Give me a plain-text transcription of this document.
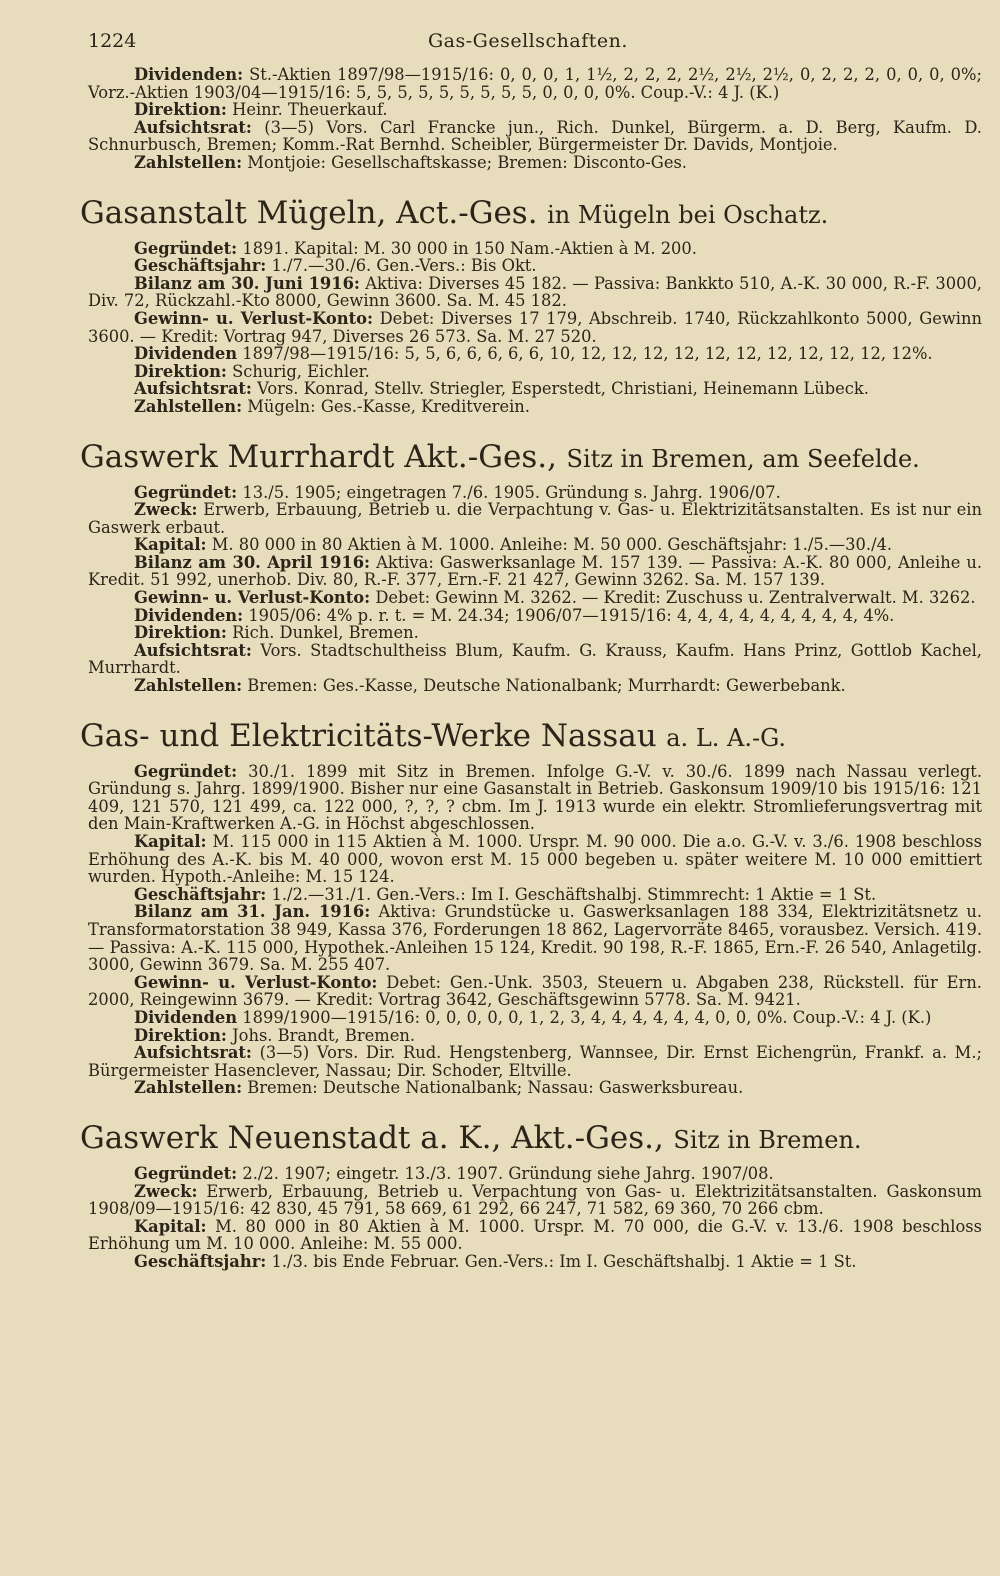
1224	Gas-Gesellschaften.

Dividenden: St.-Aktien 1897/98—1915/16: 0, 0, 0, 1, 1½, 2, 2, 2, 2½, 2½, 2½, 0, 2, 2, 2, 0, 0, 0, 0%; Vorz.-Aktien 1903/04—1915/16: 5, 5, 5, 5, 5, 5, 5, 5, 5, 0, 0, 0, 0%. Coup.-V.: 4 J. (K.)

Direktion: Heinr. Theuerkauf.

Aufsichtsrat: (3—5) Vors. Carl Francke jun., Rich. Dunkel, Bürgerm. a. D. Berg, Kaufm. D. Schnurbusch, Bremen; Komm.-Rat Bernhd. Scheibler, Bürgermeister Dr. Davids, Montjoie.

Zahlstellen: Montjoie: Gesellschaftskasse; Bremen: Disconto-Ges.

Gasanstalt Mügeln, Act.-Ges. in Mügeln bei Oschatz.

Gegründet: 1891. Kapital: M. 30 000 in 150 Nam.-Aktien à M. 200.

Geschäftsjahr: 1./7.—30./6. Gen.-Vers.: Bis Okt.

Bilanz am 30. Juni 1916: Aktiva: Diverses 45 182. — Passiva: Bankkto 510, A.-K. 30 000, R.-F. 3000, Div. 72, Rückzahl.-Kto 8000, Gewinn 3600. Sa. M. 45 182.

Gewinn- u. Verlust-Konto: Debet: Diverses 17 179, Abschreib. 1740, Rückzahlkonto 5000, Gewinn 3600. — Kredit: Vortrag 947, Diverses 26 573. Sa. M. 27 520.

Dividenden 1897/98—1915/16: 5, 5, 6, 6, 6, 6, 6, 10, 12, 12, 12, 12, 12, 12, 12, 12, 12, 12, 12%.

Direktion: Schurig, Eichler.

Aufsichtsrat: Vors. Konrad, Stellv. Striegler, Esperstedt, Christiani, Heinemann Lübeck.

Zahlstellen: Mügeln: Ges.-Kasse, Kreditverein.

Gaswerk Murrhardt Akt.-Ges., Sitz in Bremen, am Seefelde.

Gegründet: 13./5. 1905; eingetragen 7./6. 1905. Gründung s. Jahrg. 1906/07.

Zweck: Erwerb, Erbauung, Betrieb u. die Verpachtung v. Gas- u. Elektrizitätsanstalten. Es ist nur ein Gaswerk erbaut.

Kapital: M. 80 000 in 80 Aktien à M. 1000. Anleihe: M. 50 000. Geschäftsjahr: 1./5.—30./4.

Bilanz am 30. April 1916: Aktiva: Gaswerksanlage M. 157 139. — Passiva: A.-K. 80 000, Anleihe u. Kredit. 51 992, unerhob. Div. 80, R.-F. 377, Ern.-F. 21 427, Gewinn 3262. Sa. M. 157 139.

Gewinn- u. Verlust-Konto: Debet: Gewinn M. 3262. — Kredit: Zuschuss u. Zentralverwalt. M. 3262.

Dividenden: 1905/06: 4% p. r. t. = M. 24.34; 1906/07—1915/16: 4, 4, 4, 4, 4, 4, 4, 4, 4, 4%.

Direktion: Rich. Dunkel, Bremen.

Aufsichtsrat: Vors. Stadtschultheiss Blum, Kaufm. G. Krauss, Kaufm. Hans Prinz, Gottlob Kachel, Murrhardt.

Zahlstellen: Bremen: Ges.-Kasse, Deutsche Nationalbank; Murrhardt: Gewerbebank.

Gas- und Elektricitäts-Werke Nassau a. L. A.-G.

Gegründet: 30./1. 1899 mit Sitz in Bremen. Infolge G.-V. v. 30./6. 1899 nach Nassau verlegt. Gründung s. Jahrg. 1899/1900. Bisher nur eine Gasanstalt in Betrieb. Gaskonsum 1909/10 bis 1915/16: 121 409, 121 570, 121 499, ca. 122 000, ?, ?, ? cbm. Im J. 1913 wurde ein elektr. Stromlieferungsvertrag mit den Main-Kraftwerken A.-G. in Höchst abgeschlossen.

Kapital: M. 115 000 in 115 Aktien à M. 1000. Urspr. M. 90 000. Die a.o. G.-V. v. 3./6. 1908 beschloss Erhöhung des A.-K. bis M. 40 000, wovon erst M. 15 000 begeben u. später weitere M. 10 000 emittiert wurden. Hypoth.-Anleihe: M. 15 124.

Geschäftsjahr: 1./2.—31./1. Gen.-Vers.: Im I. Geschäftshalbj. Stimmrecht: 1 Aktie = 1 St.

Bilanz am 31. Jan. 1916: Aktiva: Grundstücke u. Gaswerksanlagen 188 334, Elektrizitätsnetz u. Transformatorstation 38 949, Kassa 376, Forderungen 18 862, Lagervorräte 8465, vorausbez. Versich. 419. — Passiva: A.-K. 115 000, Hypothek.-Anleihen 15 124, Kredit. 90 198, R.-F. 1865, Ern.-F. 26 540, Anlagetilg. 3000, Gewinn 3679. Sa. M. 255 407.

Gewinn- u. Verlust-Konto: Debet: Gen.-Unk. 3503, Steuern u. Abgaben 238, Rückstell. für Ern. 2000, Reingewinn 3679. — Kredit: Vortrag 3642, Geschäftsgewinn 5778. Sa. M. 9421.

Dividenden 1899/1900—1915/16: 0, 0, 0, 0, 0, 1, 2, 3, 4, 4, 4, 4, 4, 4, 0, 0, 0%. Coup.-V.: 4 J. (K.)

Direktion: Johs. Brandt, Bremen.

Aufsichtsrat: (3—5) Vors. Dir. Rud. Hengstenberg, Wannsee, Dir. Ernst Eichengrün, Frankf. a. M.; Bürgermeister Hasenclever, Nassau; Dir. Schoder, Eltville.

Zahlstellen: Bremen: Deutsche Nationalbank; Nassau: Gaswerksbureau.

Gaswerk Neuenstadt a. K., Akt.-Ges., Sitz in Bremen.

Gegründet: 2./2. 1907; eingetr. 13./3. 1907. Gründung siehe Jahrg. 1907/08.

Zweck: Erwerb, Erbauung, Betrieb u. Verpachtung von Gas- u. Elektrizitätsanstalten. Gaskonsum 1908/09—1915/16: 42 830, 45 791, 58 669, 61 292, 66 247, 71 582, 69 360, 70 266 cbm.

Kapital: M. 80 000 in 80 Aktien à M. 1000. Urspr. M. 70 000, die G.-V. v. 13./6. 1908 beschloss Erhöhung um M. 10 000. Anleihe: M. 55 000.

Geschäftsjahr: 1./3. bis Ende Februar. Gen.-Vers.: Im I. Geschäftshalbj. 1 Aktie = 1 St.
